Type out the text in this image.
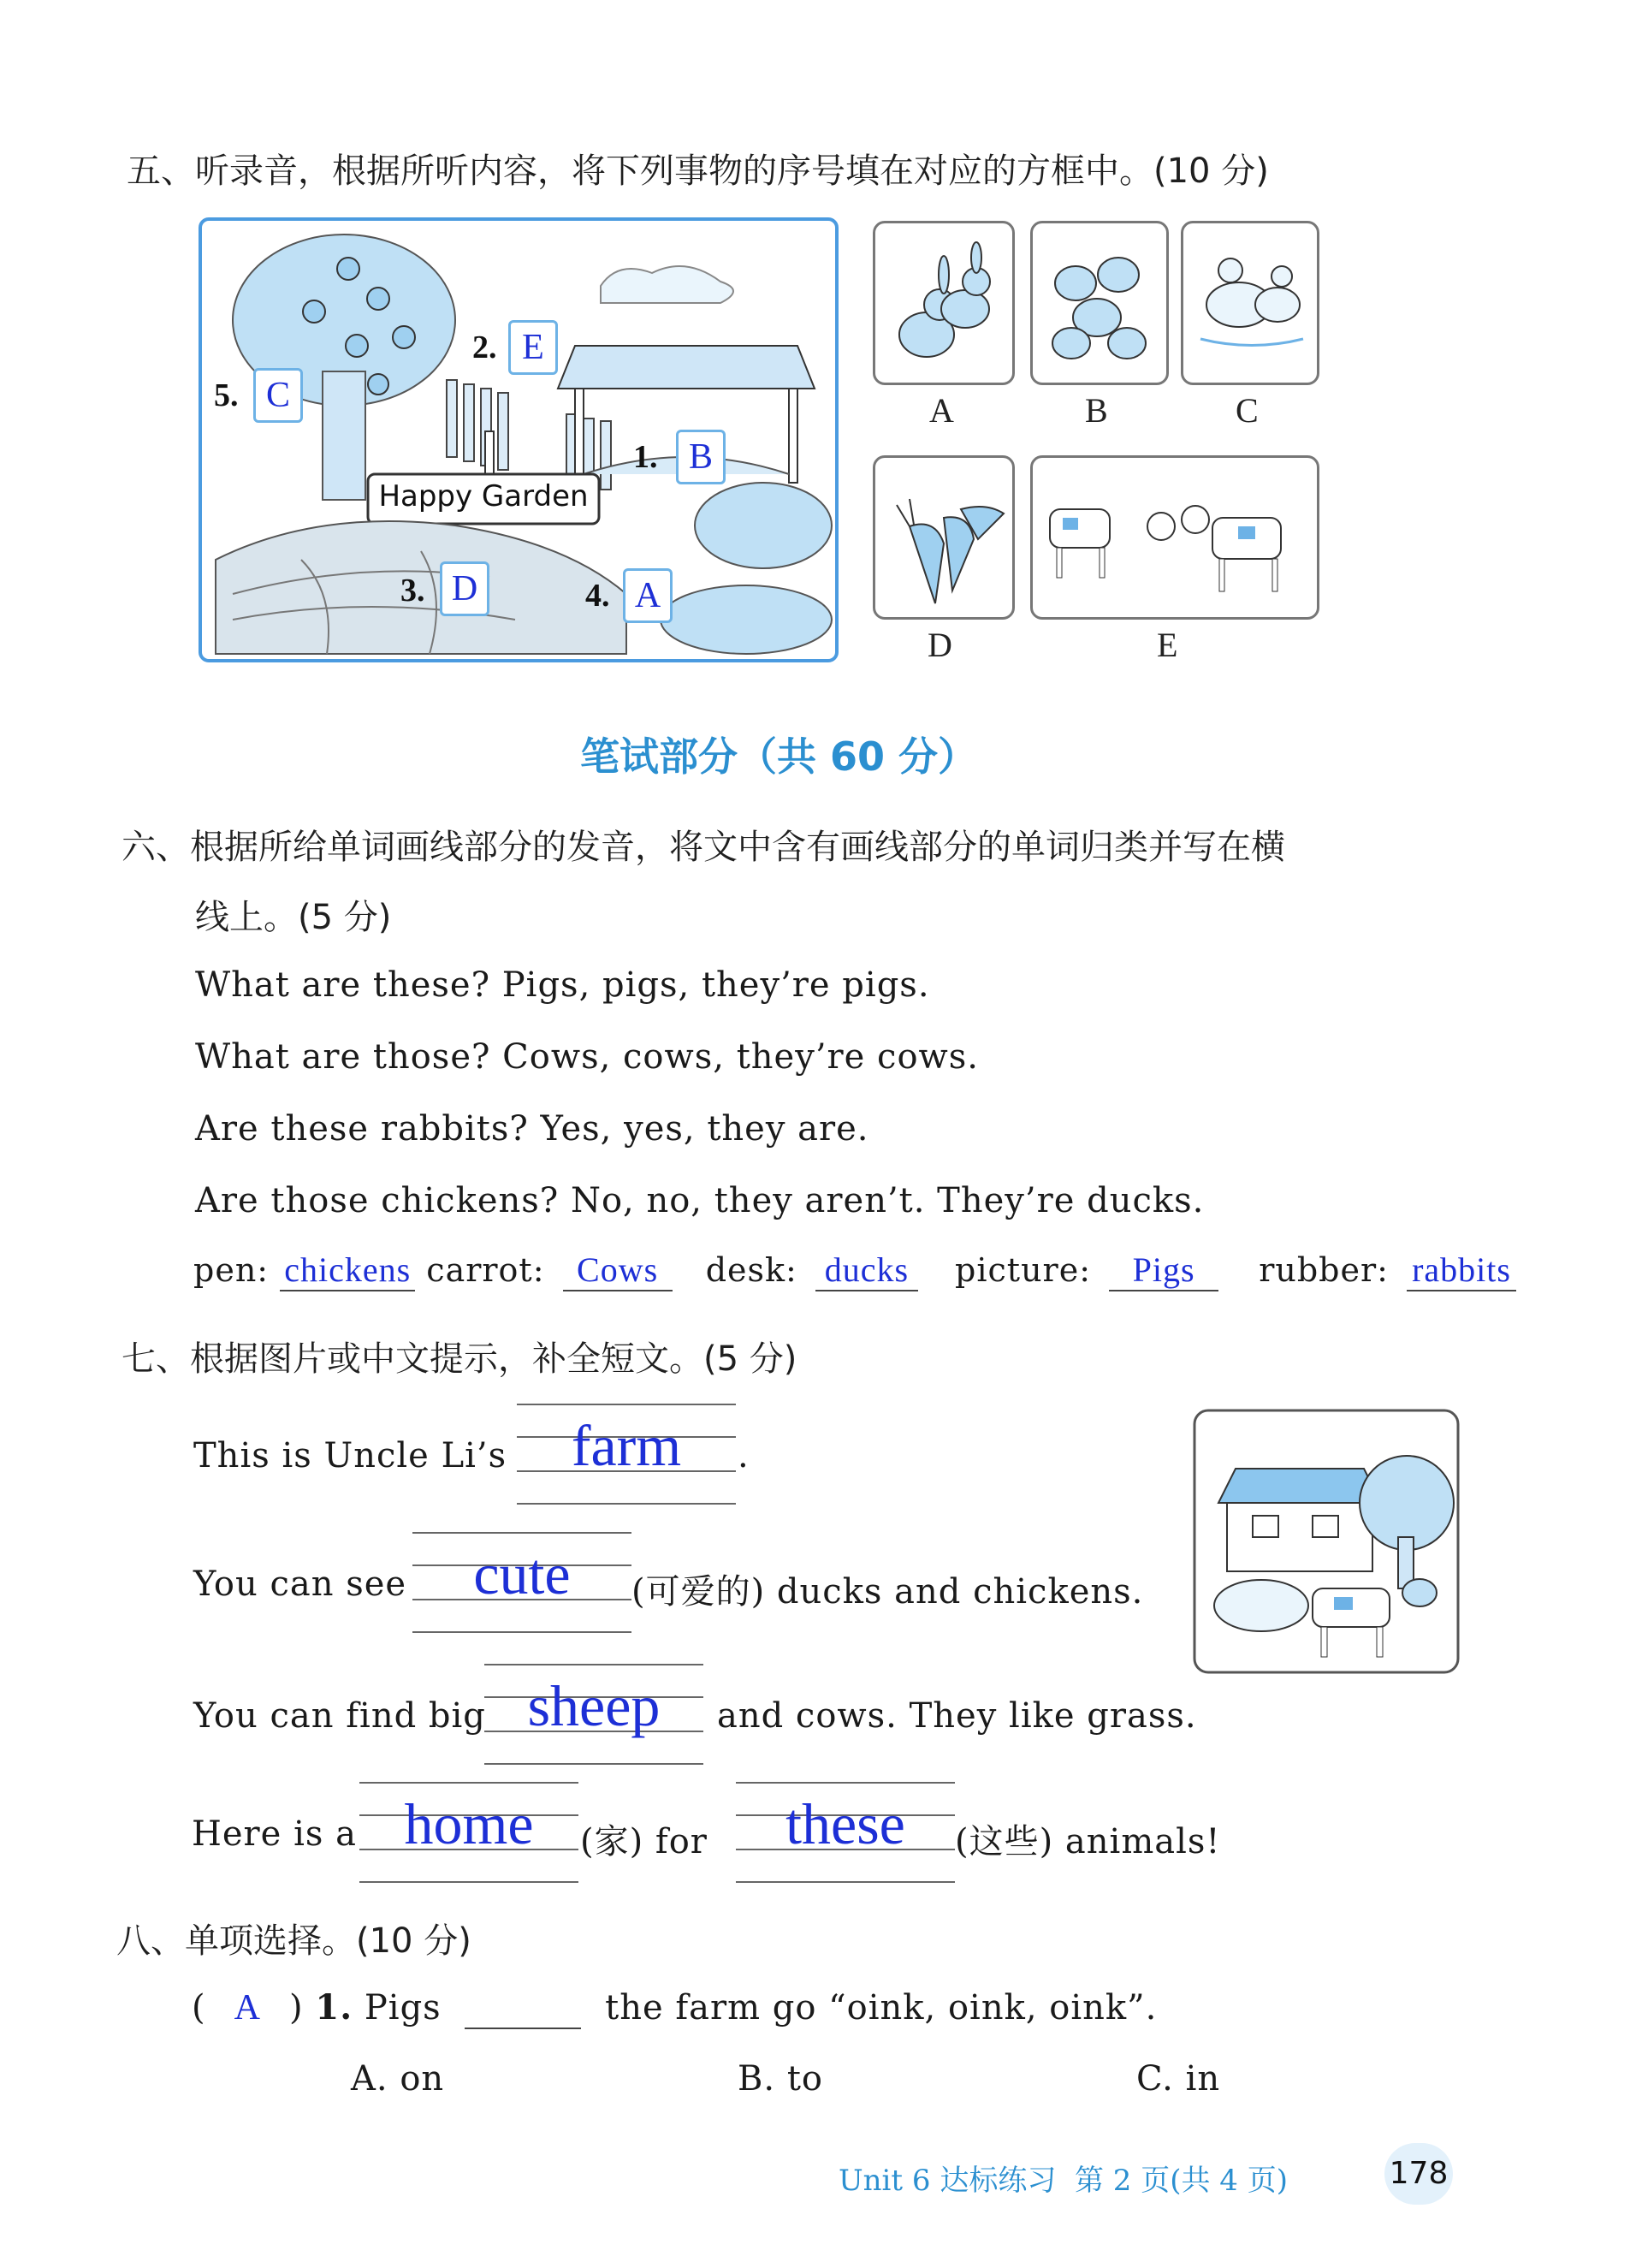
五、听录音，根据所听内容，将下列事物的序号填在对应的方框中。(10 分)
Happy Garden
2. E
5. C
1. B
3. D	4. A
A	B	C
D	E
笔试部分（共 60 分）
六、根据所给单词画线部分的发音，将文中含有画线部分的单词归类并写在横
线上。(5 分)
What are these? Pigs, pigs, they’re pigs.
What are those? Cows, cows, they’re cows.
Are these rabbits? Yes, yes, they are.
Are those chickens? No, no, they aren’t. They’re ducks.
pen: chickens carrot: Cows desk: ducks picture: Pigs rubber: rabbits
七、根据图片或中文提示，补全短文。(5 分)
This is Uncle Li’s	farm	.
You can see	cute	(可爱的) ducks and chickens.
You can find big sheep	and cows. They like grass.
Here is a home	(家) for	these	(这些) animals!
八、单项选择。(10 分)
( A ) 1. Pigs	the farm go “oink, oink, oink”.
A. on	B. to	C. in
Unit 6 达标练习  第 2 页(共 4 页)	178
